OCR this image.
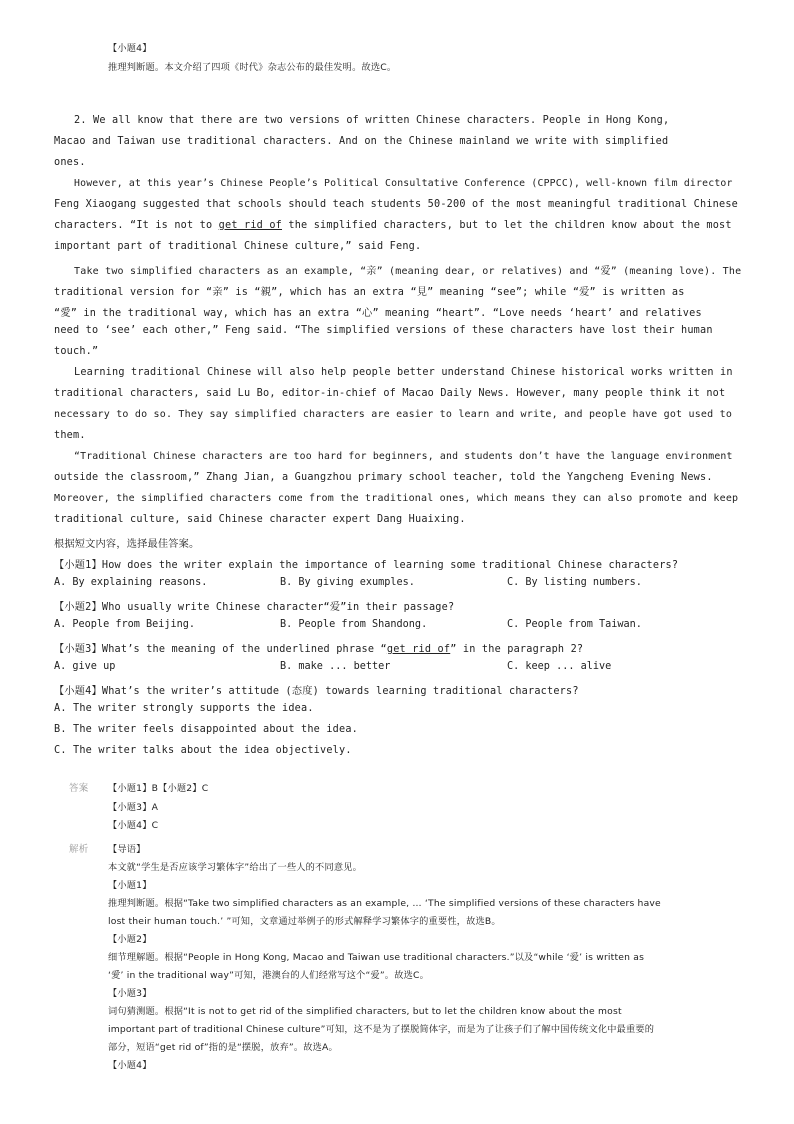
【小题4】
推理判断题。本文介绍了四项《时代》杂志公布的最佳发明。故选C。
2. We all know that there are two versions of written Chinese characters. People in Hong Kong,
Macao and Taiwan use traditional characters. And on the Chinese mainland we write with simplified
ones.
However, at this year’s Chinese People’s Political Consultative Conference (CPPCC), well-known film director
Feng Xiaogang suggested that schools should teach students 50-200 of the most meaningful traditional Chinese
characters. “It is not to get rid of the simplified characters, but to let the children know about the most
important part of traditional Chinese culture,” said Feng.
Take two simplified characters as an example, “亲” (meaning dear, or relatives) and “爱” (meaning love). The
traditional version for “亲” is “親”, which has an extra “見” meaning “see”; while “爱” is written as
“愛” in the traditional way, which has an extra “心” meaning “heart”. “Love needs ‘heart’ and relatives
need to ‘see’ each other,” Feng said. “The simplified versions of these characters have lost their human
touch.”
Learning traditional Chinese will also help people better understand Chinese historical works written in
traditional characters, said Lu Bo, editor-in-chief of Macao Daily News. However, many people think it not
necessary to do so. They say simplified characters are easier to learn and write, and people have got used to
them.
“Traditional Chinese characters are too hard for beginners, and students don’t have the language environment
outside the classroom,” Zhang Jian, a Guangzhou primary school teacher, told the Yangcheng Evening News.
Moreover, the simplified characters come from the traditional ones, which means they can also promote and keep
traditional culture, said Chinese character expert Dang Huaixing.
根据短文内容，选择最佳答案。
【小题1】How does the writer explain the importance of learning some traditional Chinese characters?
A. By explaining reasons.	B. By giving exumples.	C. By listing numbers.
【小题2】Who usually write Chinese character“爱”in their passage?
A. People from Beijing.	B. People from Shandong.	C. People from Taiwan.
【小题3】What’s the meaning of the underlined phrase “get rid of” in the paragraph 2?
A. give up	B. make ... better	C. keep ... alive
【小题4】What’s the writer’s attitude (态度) towards learning traditional characters?
A. The writer strongly supports the idea.
B. The writer feels disappointed about the idea.
C. The writer talks about the idea objectively.
答案 【小题1】B【小题2】C
【小题3】A
【小题4】C
解析 【导语】
本文就“学生是否应该学习繁体字”给出了一些人的不同意见。
【小题1】
推理判断题。根据“Take two simplified characters as an example, … ‘The simplified versions of these characters have
lost their human touch.’ ”可知，文章通过举例子的形式解释学习繁体字的重要性，故选B。
【小题2】
细节理解题。根据“People in Hong Kong, Macao and Taiwan use traditional characters.”以及“while ‘爱’ is written as
‘愛’ in the traditional way”可知，港澳台的人们经常写这个“爱”。故选C。
【小题3】
词句猜测题。根据“It is not to get rid of the simplified characters, but to let the children know about the most
important part of traditional Chinese culture”可知，这不是为了摆脱简体字，而是为了让孩子们了解中国传统文化中最重要的
部分，短语“get rid of”指的是“摆脱，放弃”。故选A。
【小题4】
